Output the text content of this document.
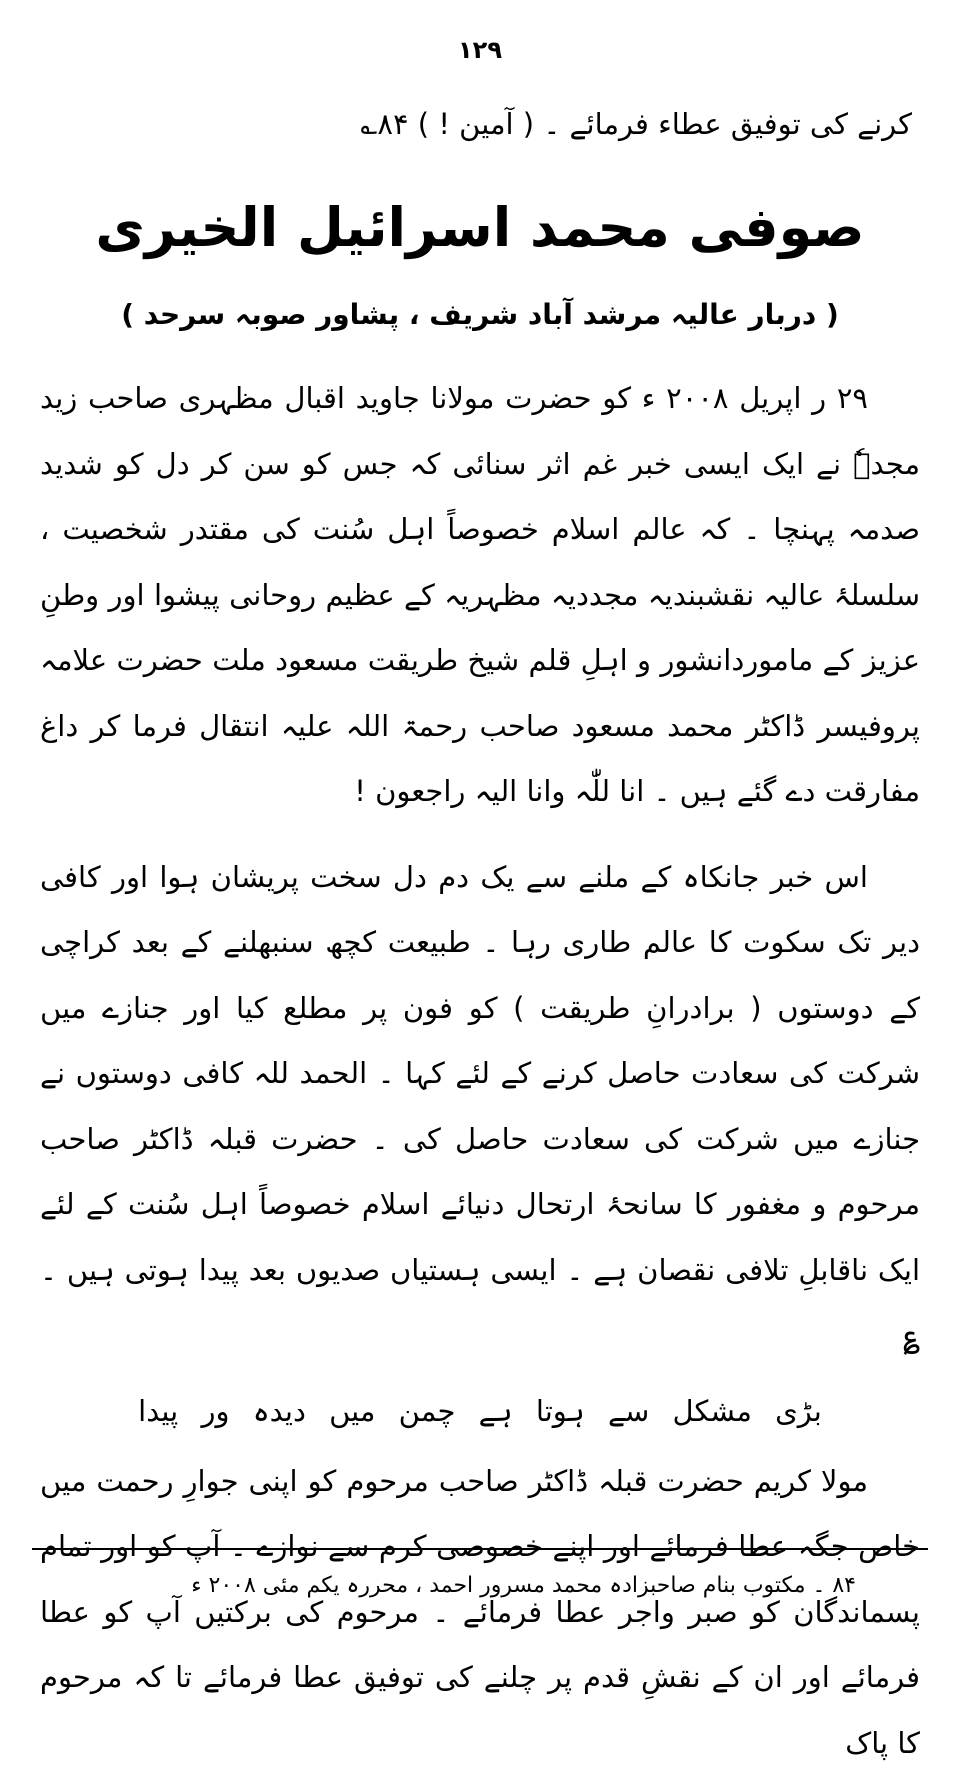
۱۲۹
کرنے کی توفیق عطاء فرمائے ۔ ( آمین ! ) ۸۴؎
صوفی محمد اسرائیل الخیری
( دربار عالیہ مرشد آباد شریف ، پشاور صوبہ سرحد )

۲۹ ر اپریل ۲۰۰۸ ء کو حضرت مولانا جاوید اقبال مظہری صاحب زید مجدہٗ نے ایک ایسی خبر غم اثر سنائی کہ جس کو سن کر دل کو شدید صدمہ پہنچا ۔ کہ عالم اسلام خصوصاً اہل سُنت کی مقتدر شخصیت ، سلسلۂ عالیہ نقشبندیہ مجددیہ مظہریہ کے عظیم روحانی پیشوا اور وطنِ عزیز کے ماموردانشور و اہلِ قلم شیخ طریقت مسعود ملت حضرت علامہ پروفیسر ڈاکٹر محمد مسعود صاحب رحمۃ اللہ علیہ انتقال فرما کر داغ مفارقت دے گئے ہیں ۔ انا للّٰہ وانا الیہ راجعون !

اس خبر جانکاہ کے ملنے سے یک دم دل سخت پریشان ہوا اور کافی دیر تک سکوت کا عالم طاری رہا ۔ طبیعت کچھ سنبھلنے کے بعد کراچی کے دوستوں ( برادرانِ طریقت ) کو فون پر مطلع کیا اور جنازے میں شرکت کی سعادت حاصل کرنے کے لئے کہا ۔ الحمد للہ کافی دوستوں نے جنازے میں شرکت کی سعادت حاصل کی ۔ حضرت قبلہ ڈاکٹر صاحب مرحوم و مغفور کا سانحۂ ارتحال دنیائے اسلام خصوصاً اہل سُنت کے لئے ایک ناقابلِ تلافی نقصان ہے ۔ ایسی ہستیاں صدیوں بعد پیدا ہوتی ہیں ۔ ؏

بڑی مشکل سے ہوتا ہے چمن میں دیدہ ور پیدا

مولا کریم حضرت قبلہ ڈاکٹر صاحب مرحوم کو اپنی جوارِ رحمت میں خاص جگہ عطا فرمائے اور اپنے خصوصی کرم سے نوازے ۔ آپ کو اور تمام پسماندگان کو صبر واجر عطا فرمائے ۔ مرحوم کی برکتیں آپ کو عطا فرمائے اور ان کے نقشِ قدم پر چلنے کی توفیق عطا فرمائے تا کہ مرحوم کا پاک

۸۴ ۔ مکتوب بنام صاحبزادہ محمد مسرور احمد ، محررہ یکم مئی ۲۰۰۸ ء
